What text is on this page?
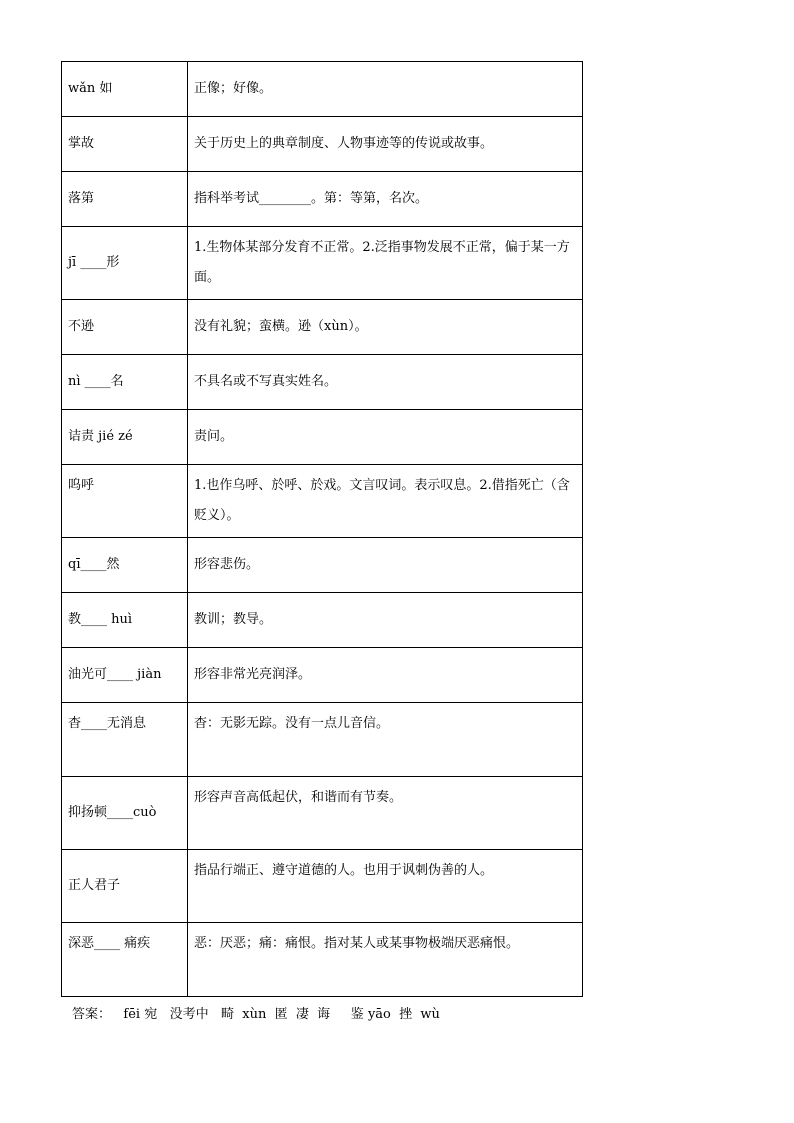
wǎn 如	正像；好像。
掌故	关于历史上的典章制度、人物事迹等的传说或故事。
落第	指科举考试________。第：等第，名次。
jī ____形	1.生物体某部分发育不正常。2.泛指事物发展不正常，偏于某一方面。
不逊	没有礼貌；蛮横。逊（xùn）。
nì ____名	不具名或不写真实姓名。
诘责 jié zé	责问。
呜呼	1.也作乌呼、於呼、於戏。文言叹词。表示叹息。2.借指死亡（含贬义）。
qī____然	形容悲伤。
教____ huì	教训；教导。
油光可____ jiàn	形容非常光亮润泽。
杳____无消息	杳：无影无踪。没有一点儿音信。
抑扬顿____cuò	形容声音高低起伏，和谐而有节奏。
正人君子	指品行端正、遵守道德的人。也用于讽刺伪善的人。
深恶____ 痛疾	恶：厌恶；痛：痛恨。指对某人或某事物极端厌恶痛恨。
答案： fēi 宛   没考中   畸  xùn  匿  凄  诲     鉴 yāo  挫  wù
